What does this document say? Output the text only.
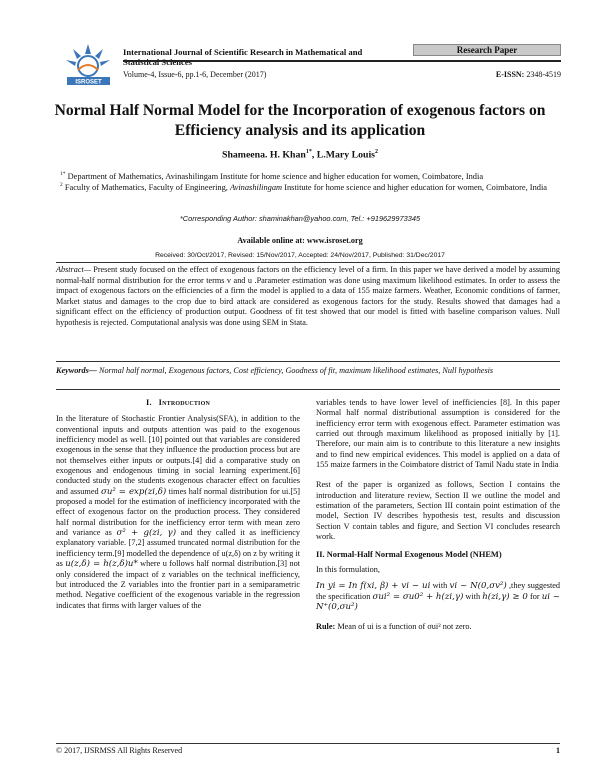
ISROSET
International Journal of Scientific Research in Mathematical and Statistical Sciences
Research Paper
Volume-4, Issue-6, pp.1-6, December (2017)	E-ISSN: 2348-4519
Normal Half Normal Model for the Incorporation of exogenous factors on Efficiency analysis and its application
Shameena. H. Khan$^{1*}$, L.Mary Louis$^2$
$^{1*}$ Department of Mathematics, Avinashilingam Institute for home science and higher education for women, Coimbatore, India
$^2$ Faculty of Mathematics, Faculty of Engineering, Avinashilingam Institute for home science and higher education for women, Coimbatore, India
*Corresponding Author: shaminakhan@yahoo.com, Tel.: +919629973345
Available online at: www.isroset.org
Received: 30/Oct/2017, Revised: 15/Nov/2017, Accepted: 24/Nov/2017, Published: 31/Dec/2017
Abstract— Present study focused on the effect of exogenous factors on the efficiency level of a firm. In this paper we have derived a model by assuming normal-half normal distribution for the error terms v and u .Parameter estimation was done using maximum likelihood estimates. In order to assess the impact of exogenous factors on the efficiencies of a firm the model is applied to a data of 155 maize farmers. Weather, Economic conditions of farmer, Market status and damages to the crop due to bird attack are considered as exogenous factors for the study. Results showed that damages had a significant effect on the efficiency of production output. Goodness of fit test showed that our model is fitted with baseline comparison values. Null hypothesis is rejected. Computational analysis was done using SEM in Stata.
Keywords— Normal half normal, Exogenous factors, Cost efficiency, Goodness of fit, maximum likelihood estimates, Null hypothesis
I. Introduction

In the literature of Stochastic Frontier Analysis(SFA), in addition to the conventional inputs and outputs attention was paid to the exogenous inefficiency model as well. [10] pointed out that variables are considered exogenous in the sense that they influence the production process but are not themselves either inputs or outputs.[4] did a comparative study on exogenous and endogenous timing in social learning experiment.[6] conducted study on the students exogenous character effect on faculties and assumed σu² = exp(zi,δ) times half normal distribution for ui.[5] proposed a model for the estimation of inefficiency incorporated with the effect of exogenous factor on the production process. They considered half normal distribution for the inefficiency error term with mean zero and variance as σ² + g(zi, γ) and they called it as inefficiency explanatory variable. [7,2] assumed truncated normal distribution for the inefficiency term.[9] modelled the dependence of u(z,δ) on z by writing it as u(z,δ) = h(z,δ)u* where u follows half normal distribution.[3] not only considered the impact of z variables on the technical inefficiency, but introduced the Z variables into the frontier part in a semiparametric method. Negative coefficient of the exogenous variable in the regression indicates that firms with larger values of the

variables tends to have lower level of inefficiencies [8]. In this paper Normal half normal distributional assumption is considered for the inefficiency error term with exogenous effect. Parameter estimation was carried out through maximum likelihood as proposed initially by [1]. Therefore, our main aim is to contribute to this literature a new insights and to find new empirical evidences. This model is applied on a data of 155 maize farmers in the Coimbatore district of Tamil Nadu state in India

Rest of the paper is organized as follows, Section I contains the introduction and literature review, Section II we outline the model and estimation of the parameters, Section III contain point estimation of the model, Section IV describes hypothesis test, results and discussion Section V contain tables and figure, and Section VI concludes research work.

II. Normal-Half Normal Exogenous Model (NHEM)

In this formulation,

In yi = In f(xi, β) + vi − ui with vi ~ N(0,σv²) ,they suggested the specification σui² = σu0² + h(zi,γ) with h(zi,γ) ≥ 0 for ui ~ N⁺(0,σu²)

Rule: Mean of ui is a function of σui² not zero.

© 2017, IJSRMSS All Rights Reserved	1
